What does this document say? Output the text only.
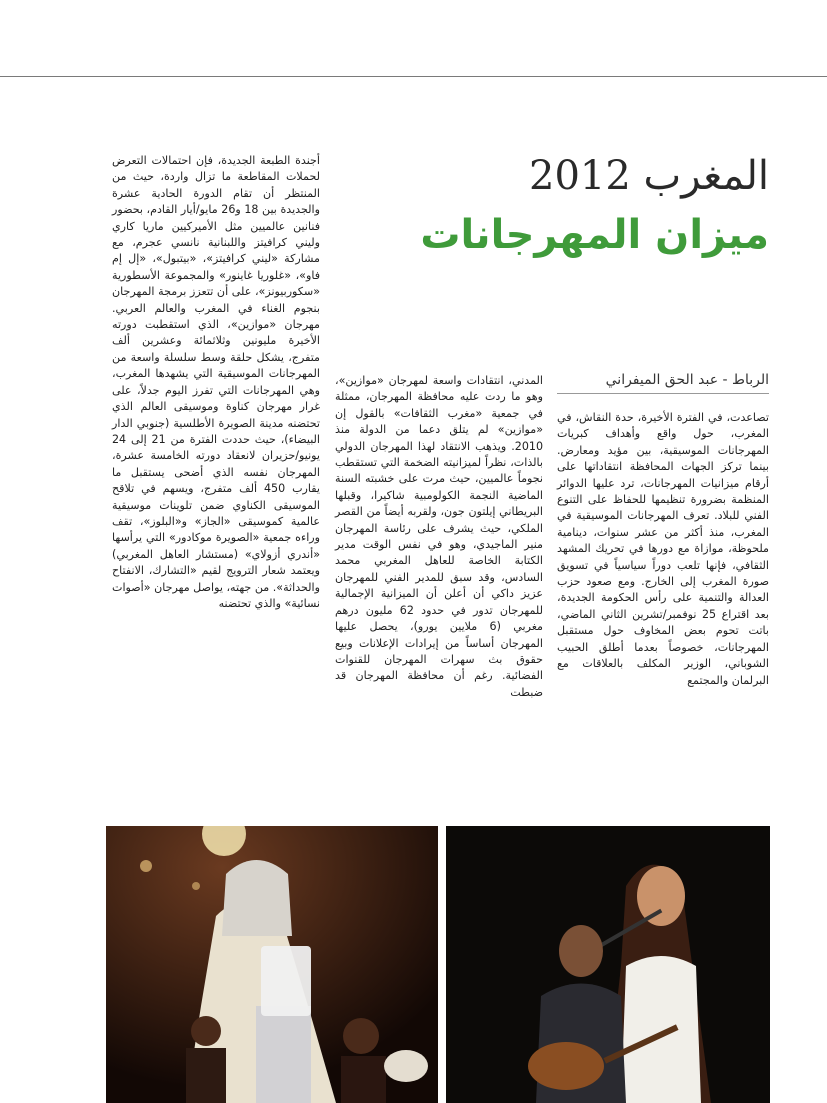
المغرب 2012
ميزان المهرجانات
الرباط - عبد الحق الميفراني

تصاعدت، في الفترة الأخيرة، حدة النقاش، في المغرب، حول واقع وأهداف كبريات المهرجانات الموسيقية، بين مؤيد ومعارض. بينما تركز الجهات المحافظة انتقاداتها على أرقام ميزانيات المهرجانات، ترد عليها الدوائر المنظمة بضرورة تنظيمها للحفاظ على التنوع الفني للبلاد. تعرف المهرجانات الموسيقية في المغرب، منذ أكثر من عشر سنوات، دينامية ملحوظة، موازاة مع دورها في تحريك المشهد الثقافي، فإنها تلعب دوراً سياسياً في تسويق صورة المغرب إلى الخارج. ومع صعود حزب العدالة والتنمية على رأس الحكومة الجديدة، بعد اقتراع 25 نوفمبر/تشرين الثاني الماضي، باتت تحوم بعض المخاوف حول مستقبل المهرجانات، خصوصاً بعدما أطلق الحبيب الشوباني، الوزير المكلف بالعلاقات مع البرلمان والمجتمع

المدني، انتقادات واسعة لمهرجان «موازين»، وهو ما ردت عليه محافظة المهرجان، ممثلة في جمعية «مغرب الثقافات» بالقول إن «موازين» لم يتلق دعما من الدولة منذ 2010. ويذهب الانتقاد لهذا المهرجان الدولي بالذات، نظراً لميزانيته الضخمة التي تستقطب نجوماً عالميين، حيث مرت على خشبته السنة الماضية النجمة الكولومبية شاكيرا، وقبلها البريطاني إيلتون جون، ولقربه أيضاً من القصر الملكي، حيث يشرف على رئاسة المهرجان منير الماجيدي، وهو في نفس الوقت مدير الكتابة الخاصة للعاهل المغربي محمد السادس، وقد سبق للمدير الفني للمهرجان عزيز داكي أن أعلن أن الميزانية الإجمالية للمهرجان تدور في حدود 62 مليون درهم مغربي (6 ملايين يورو)، يحصل عليها المهرجان أساساً من إيرادات الإعلانات وبيع حقوق بث سهرات المهرجان للقنوات الفضائية. رغم أن محافظة المهرجان قد ضبطت

أجندة الطبعة الجديدة، فإن احتمالات التعرض لحملات المقاطعة ما تزال واردة، حيث من المنتظر أن تقام الدورة الحادية عشرة والجديدة بين 18 و26 مايو/أيار القادم، بحضور فنانين عالميين مثل الأميركيين ماريا كاري وليني كرافيتز واللبنانية نانسي عجرم، مع مشاركة «ليني كرافيتز»، «بيتبول»، «إل إم فاو»، «غلوريا غاينور» والمجموعة الأسطورية «سكوربيونز»، على أن تتعزز برمجة المهرجان بنجوم الغناء في المغرب والعالم العربي. مهرجان «موازين»، الذي استقطبت دورته الأخيرة مليونين وثلاثمائة وعشرين ألف متفرج، يشكل حلقة وسط سلسلة واسعة من المهرجانات الموسيقية التي يشهدها المغرب، وهي المهرجانات التي تفرز اليوم جدلاً، على غرار مهرجان كناوة وموسيقى العالم الذي تحتضنه مدينة الصويرة الأطلسية (جنوبي الدار البيضاء)، حيث حددت الفترة من 21 إلى 24 يونيو/حزيران لانعقاد دورته الخامسة عشرة، المهرجان نفسه الذي أضحى يستقبل ما يقارب 450 ألف متفرج، ويسهم في تلاقح الموسيقى الكناوي ضمن تلوينات موسيقية عالمية كموسيقى «الجاز» و«البلوز»، تقف وراءه جمعية «الصويرة موكادور» التي يرأسها «أندري أزولاي» (مستشار العاهل المغربي) ويعتمد شعار الترويج لقيم «التشارك، الانفتاح والحداثة». من جهته، يواصل مهرجان «أصوات نسائية» والذي تحتضنه
